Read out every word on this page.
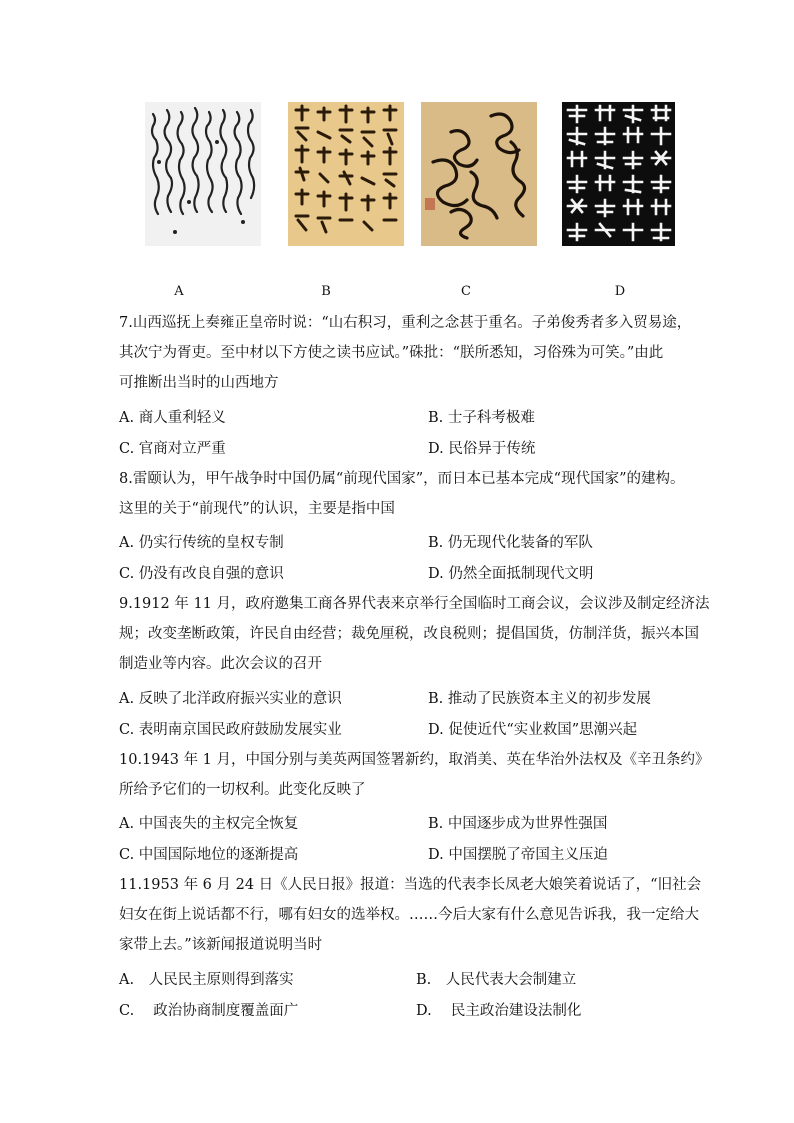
A	B	C	D
7.山西巡抚上奏雍正皇帝时说：“山右积习，重利之念甚于重名。子弟俊秀者多入贸易途，
其次宁为胥吏。至中材以下方使之读书应试。”硃批：“朕所悉知，习俗殊为可笑。”由此
可推断出当时的山西地方
A. 商人重利轻义	B. 士子科考极难
C. 官商对立严重	D. 民俗异于传统
8.雷颐认为，甲午战争时中国仍属“前现代国家”，而日本已基本完成“现代国家”的建构。
这里的关于“前现代”的认识，主要是指中国
A. 仍实行传统的皇权专制	B. 仍无现代化装备的军队
C. 仍没有改良自强的意识	D. 仍然全面抵制现代文明
9.1912 年 11 月，政府邀集工商各界代表来京举行全国临时工商会议，会议涉及制定经济法
规；改变垄断政策，许民自由经营；裁免厘税，改良税则；提倡国货，仿制洋货，振兴本国
制造业等内容。此次会议的召开
A. 反映了北洋政府振兴实业的意识	B. 推动了民族资本主义的初步发展
C. 表明南京国民政府鼓励发展实业	D. 促使近代“实业救国”思潮兴起
10.1943 年 1 月，中国分别与美英两国签署新约，取消美、英在华治外法权及《辛丑条约》
所给予它们的一切权利。此变化反映了
A. 中国丧失的主权完全恢复	B. 中国逐步成为世界性强国
C. 中国国际地位的逐渐提高	D. 中国摆脱了帝国主义压迫
11.1953 年 6 月 24 日《人民日报》报道：当选的代表李长凤老大娘笑着说话了，“旧社会
妇女在街上说话都不行，哪有妇女的选举权。……今后大家有什么意见告诉我，我一定给大
家带上去。”该新闻报道说明当时
A.　人民民主原则得到落实	B.　人民代表大会制建立
C.　 政治协商制度覆盖面广	D.　 民主政治建设法制化
